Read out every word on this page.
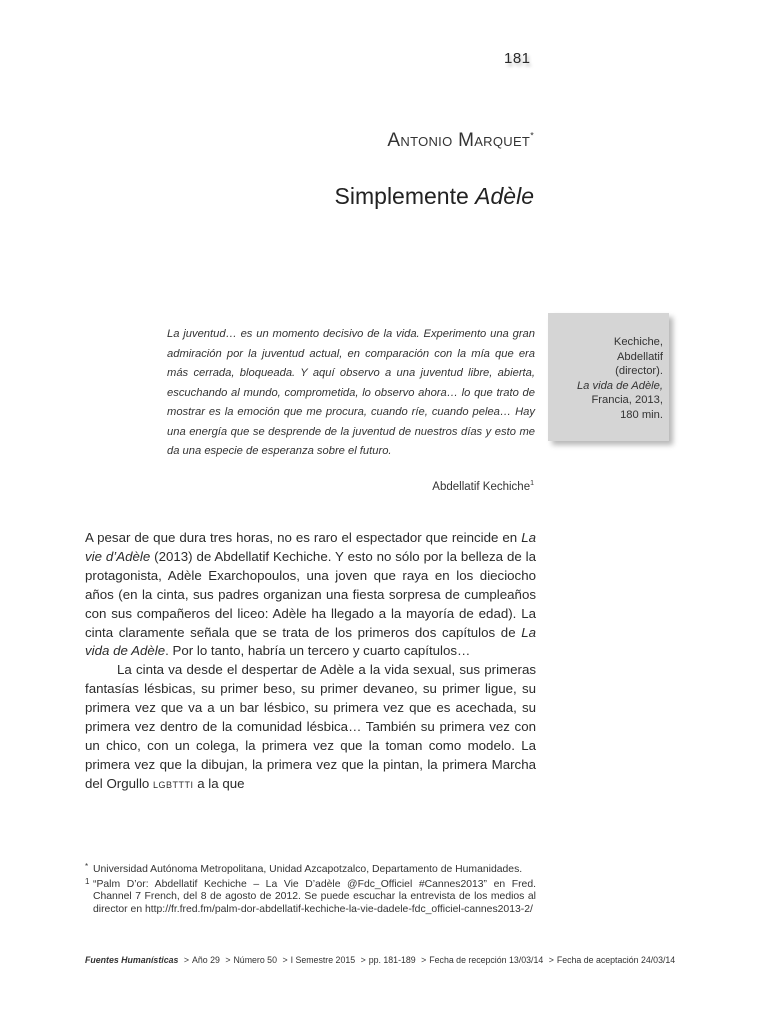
181
Antonio Marquet*
Simplemente Adèle
La juventud… es un momento decisivo de la vida. Experimento una gran admiración por la juventud actual, en comparación con la mía que era más cerrada, bloqueada. Y aquí observo a una juventud libre, abierta, escuchando al mundo, comprometida, lo observo ahora… lo que trato de mostrar es la emoción que me procura, cuando ríe, cuando pelea… Hay una energía que se desprende de la juventud de nuestros días y esto me da una especie de esperanza sobre el futuro.
Abdellatif Kechiche$^1$
Kechiche,
Abdellatif
(director).
La vida de Adèle,
Francia, 2013,
180 min.

A pesar de que dura tres horas, no es raro el espectador que reincide en La vie d’Adèle (2013) de Abdellatif Kechiche. Y esto no sólo por la belleza de la protagonista, Adèle Exarchopoulos, una joven que raya en los dieciocho años (en la cinta, sus padres organizan una fiesta sorpresa de cumpleaños con sus compañeros del liceo: Adèle ha llegado a la mayoría de edad). La cinta claramente señala que se trata de los primeros dos capítulos de La vida de Adèle. Por lo tanto, habría un tercero y cuarto capítulos…

La cinta va desde el despertar de Adèle a la vida sexual, sus primeras fantasías lésbicas, su primer beso, su primer devaneo, su primer ligue, su primera vez que va a un bar lésbico, su primera vez que es acechada, su primera vez dentro de la comunidad lésbica… También su primera vez con un chico, con un colega, la primera vez que la toman como modelo. La primera vez que la dibujan, la primera vez que la pintan, la primera Marcha del Orgullo lgbttti a la que

* Universidad Autónoma Metropolitana, Unidad Azcapotzalco, Departamento de Humanidades.

1 “Palm D’or: Abdellatif Kechiche – La Vie D’adèle @Fdc_Officiel #Cannes2013” en Fred. Channel 7 French, del 8 de agosto de 2012. Se puede escuchar la entrevista de los medios al director en http://fr.fred.fm/palm-dor-abdellatif-kechiche-la-vie-dadele-fdc_officiel-cannes2013-2/

Fuentes Humanísticas > Año 29 > Número 50 > I Semestre 2015 > pp. 181-189 > Fecha de recepción 13/03/14 > Fecha de aceptación 24/03/14
